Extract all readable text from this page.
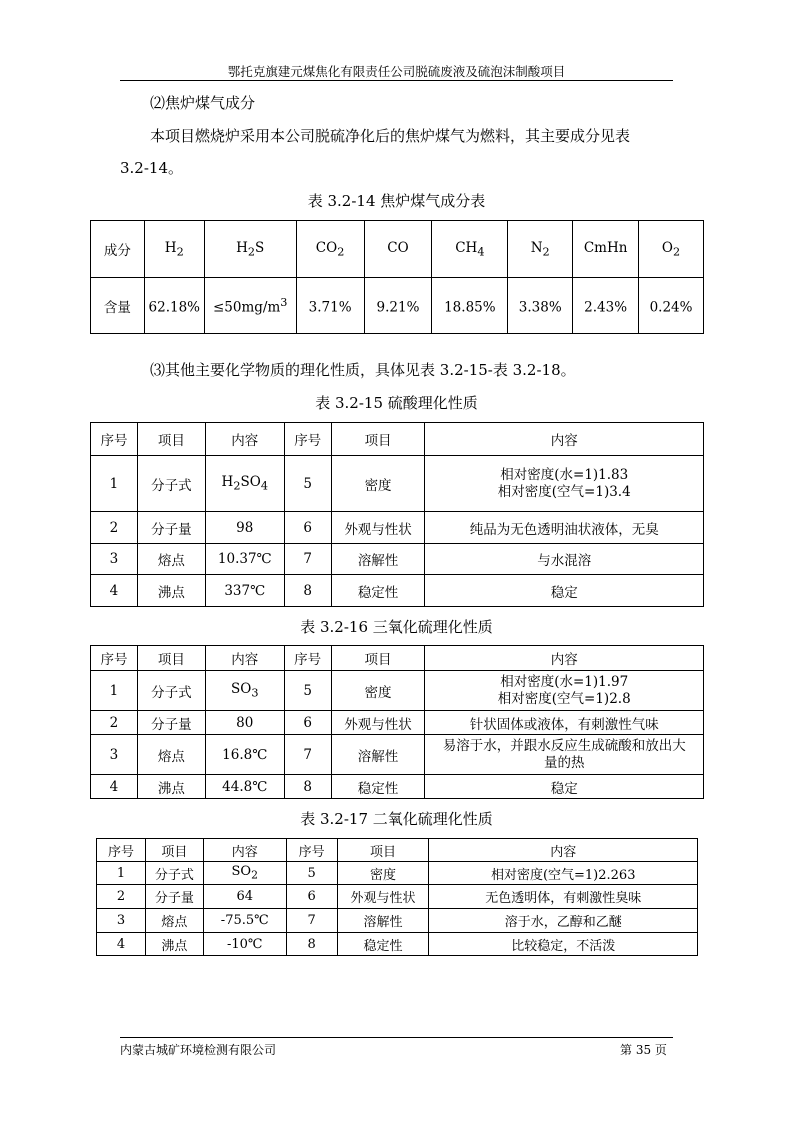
鄂托克旗建元煤焦化有限责任公司脱硫废液及硫泡沫制酸项目
⑵焦炉煤气成分
本项目燃烧炉采用本公司脱硫净化后的焦炉煤气为燃料，其主要成分见表
3.2-14。
表 3.2-14 焦炉煤气成分表
成分	$H_2$	$H_2S$	$CO_2$	CO	$CH_4$	$N_2$	CmHn	$O_2$
含量	62.18%	$\le 50mg/m^3$	3.71%	9.21%	18.85%	3.38%	2.43%	0.24%
⑶其他主要化学物质的理化性质，具体见表 3.2-15-表 3.2-18。
表 3.2-15 硫酸理化性质
序号	项目	内容	序号	项目	内容
1	分子式	$H_2SO_4$	5	密度	相对密度(水=1)1.83
相对密度(空气=1)3.4

2	分子量	98	6	外观与性状	纯品为无色透明油状液体，无臭
3	熔点	10.37℃	7	溶解性	与水混溶
4	沸点	337℃	8	稳定性	稳定
表 3.2-16 三氧化硫理化性质
序号	项目	内容	序号	项目	内容
1	分子式	$SO_3$	5	密度	相对密度(水=1)1.97
相对密度(空气=1)2.8

2	分子量	80	6	外观与性状	针状固体或液体，有刺激性气味
3	熔点	16.8℃	7	溶解性	易溶于水，并跟水反应生成硫酸和放出大
量的热

4	沸点	44.8℃	8	稳定性	稳定
表 3.2-17 二氧化硫理化性质
序号	项目	内容	序号	项目	内容
1	分子式	$SO_2$	5	密度	相对密度(空气=1)2.263
2	分子量	64	6	外观与性状	无色透明体，有刺激性臭味
3	熔点	-75.5℃	7	溶解性	溶于水，乙醇和乙醚
4	沸点	-10℃	8	稳定性	比较稳定，不活泼
内蒙古城矿环境检测有限公司	第 35 页
